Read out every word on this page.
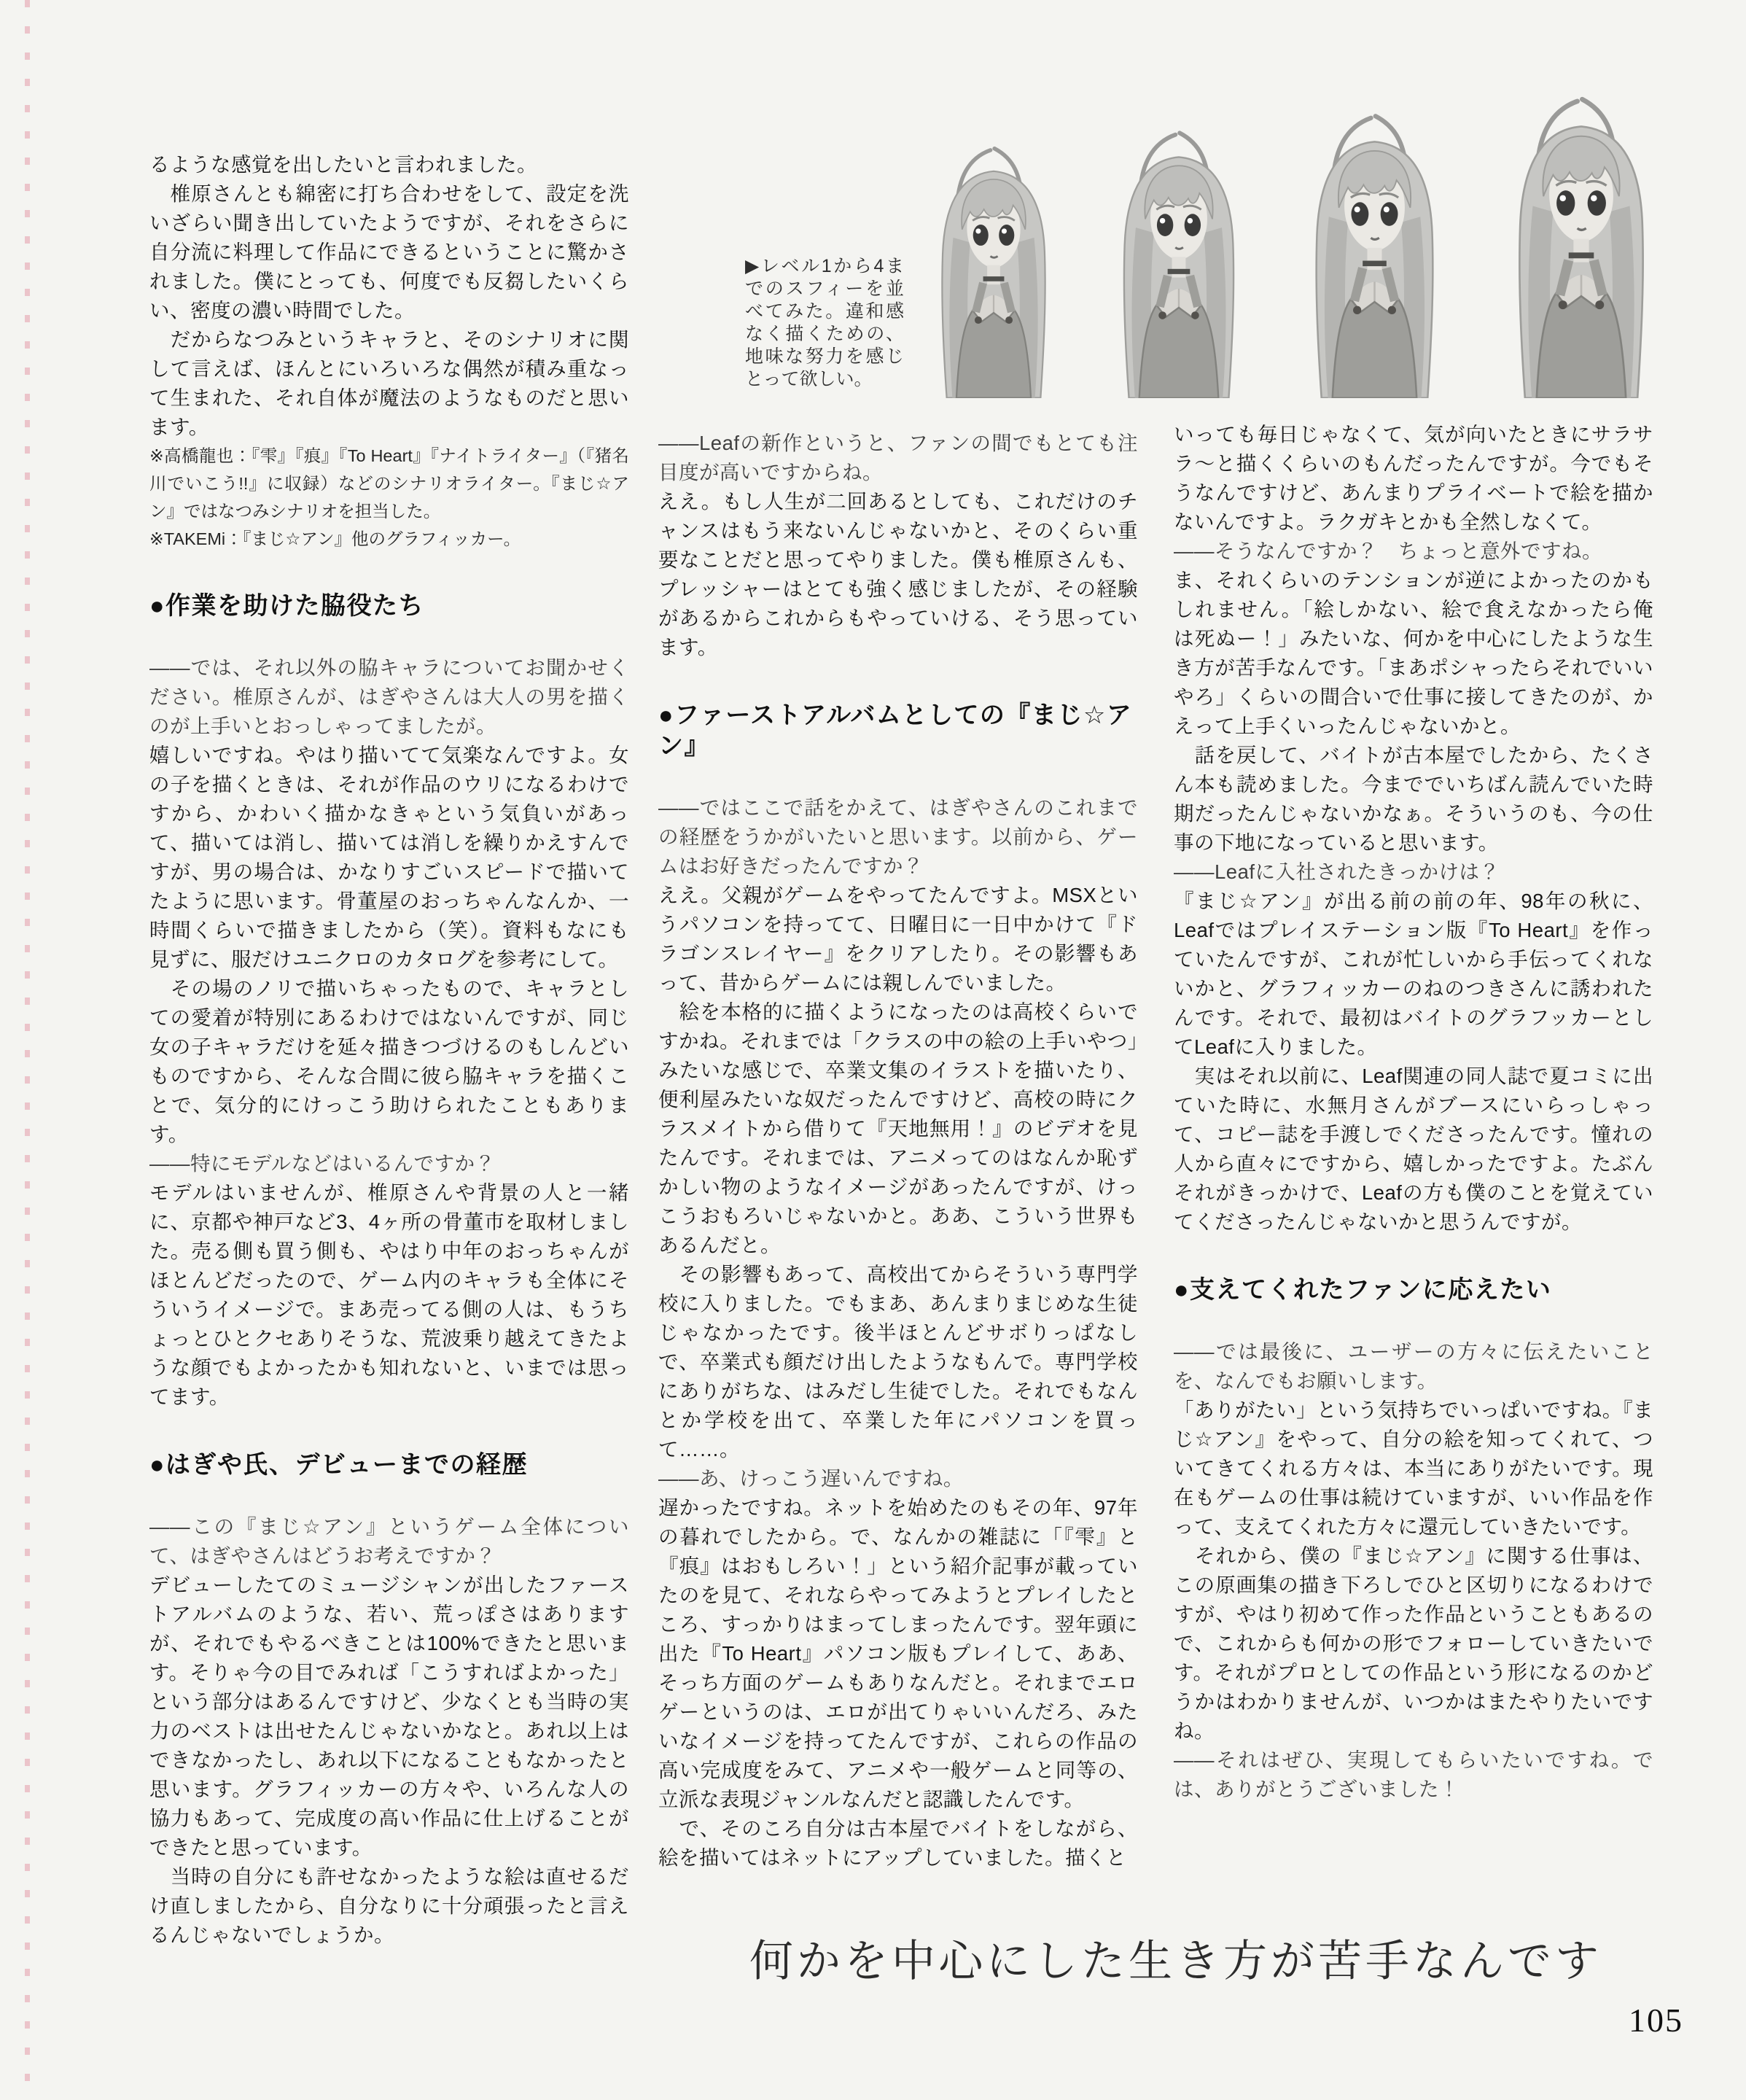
▶レベル1から4までのスフィーを並べてみた。違和感なく描くための、地味な努力を感じとって欲しい。

るような感覚を出したいと言われました。

　椎原さんとも綿密に打ち合わせをして、設定を洗いざらい聞き出していたようですが、それをさらに自分流に料理して作品にできるということに驚かされました。僕にとっても、何度でも反芻したいくらい、密度の濃い時間でした。

　だからなつみというキャラと、そのシナリオに関して言えば、ほんとにいろいろな偶然が積み重なって生まれた、それ自体が魔法のようなものだと思います。

※高橋龍也：『雫』『痕』『To Heart』『ナイトライター』（『猪名川でいこう!!』に収録）などのシナリオライター。『まじ☆アン』ではなつみシナリオを担当した。

※TAKEMi：『まじ☆アン』他のグラフィッカー。

●作業を助けた脇役たち

――では、それ以外の脇キャラについてお聞かせください。椎原さんが、はぎやさんは大人の男を描くのが上手いとおっしゃってましたが。

嬉しいですね。やはり描いてて気楽なんですよ。女の子を描くときは、それが作品のウリになるわけですから、かわいく描かなきゃという気負いがあって、描いては消し、描いては消しを繰りかえすんですが、男の場合は、かなりすごいスピードで描いてたように思います。骨董屋のおっちゃんなんか、一時間くらいで描きましたから（笑）。資料もなにも見ずに、服だけユニクロのカタログを参考にして。

　その場のノリで描いちゃったもので、キャラとしての愛着が特別にあるわけではないんですが、同じ女の子キャラだけを延々描きつづけるのもしんどいものですから、そんな合間に彼ら脇キャラを描くことで、気分的にけっこう助けられたこともあります。

――特にモデルなどはいるんですか？

モデルはいませんが、椎原さんや背景の人と一緒に、京都や神戸など3、4ヶ所の骨董市を取材しました。売る側も買う側も、やはり中年のおっちゃんがほとんどだったので、ゲーム内のキャラも全体にそういうイメージで。まあ売ってる側の人は、もうちょっとひとクセありそうな、荒波乗り越えてきたような顔でもよかったかも知れないと、いまでは思ってます。

●はぎや氏、デビューまでの経歴

――この『まじ☆アン』というゲーム全体について、はぎやさんはどうお考えですか？

デビューしたてのミュージシャンが出したファーストアルバムのような、若い、荒っぽさはありますが、それでもやるべきことは100%できたと思います。そりゃ今の目でみれば「こうすればよかった」という部分はあるんですけど、少なくとも当時の実力のベストは出せたんじゃないかなと。あれ以上はできなかったし、あれ以下になることもなかったと思います。グラフィッカーの方々や、いろんな人の協力もあって、完成度の高い作品に仕上げることができたと思っています。

　当時の自分にも許せなかったような絵は直せるだけ直しましたから、自分なりに十分頑張ったと言えるんじゃないでしょうか。

――Leafの新作というと、ファンの間でもとても注目度が高いですからね。

ええ。もし人生が二回あるとしても、これだけのチャンスはもう来ないんじゃないかと、そのくらい重要なことだと思ってやりました。僕も椎原さんも、プレッシャーはとても強く感じましたが、その経験があるからこれからもやっていける、そう思っています。

●ファーストアルバムとしての『まじ☆アン』

――ではここで話をかえて、はぎやさんのこれまでの経歴をうかがいたいと思います。以前から、ゲームはお好きだったんですか？

ええ。父親がゲームをやってたんですよ。MSXというパソコンを持ってて、日曜日に一日中かけて『ドラゴンスレイヤー』をクリアしたり。その影響もあって、昔からゲームには親しんでいました。

　絵を本格的に描くようになったのは高校くらいですかね。それまでは「クラスの中の絵の上手いやつ」みたいな感じで、卒業文集のイラストを描いたり、便利屋みたいな奴だったんですけど、高校の時にクラスメイトから借りて『天地無用！』のビデオを見たんです。それまでは、アニメってのはなんか恥ずかしい物のようなイメージがあったんですが、けっこうおもろいじゃないかと。ああ、こういう世界もあるんだと。

　その影響もあって、高校出てからそういう専門学校に入りました。でもまあ、あんまりまじめな生徒じゃなかったです。後半ほとんどサボりっぱなしで、卒業式も顔だけ出したようなもんで。専門学校にありがちな、はみだし生徒でした。それでもなんとか学校を出て、卒業した年にパソコンを買って……。

――あ、けっこう遅いんですね。

遅かったですね。ネットを始めたのもその年、97年の暮れでしたから。で、なんかの雑誌に「『雫』と『痕』はおもしろい！」という紹介記事が載っていたのを見て、それならやってみようとプレイしたところ、すっかりはまってしまったんです。翌年頭に出た『To Heart』パソコン版もプレイして、ああ、そっち方面のゲームもありなんだと。それまでエロゲーというのは、エロが出てりゃいいんだろ、みたいなイメージを持ってたんですが、これらの作品の高い完成度をみて、アニメや一般ゲームと同等の、立派な表現ジャンルなんだと認識したんです。

　で、そのころ自分は古本屋でバイトをしながら、絵を描いてはネットにアップしていました。描くと

いっても毎日じゃなくて、気が向いたときにサラサラ～と描くくらいのもんだったんですが。今でもそうなんですけど、あんまりプライベートで絵を描かないんですよ。ラクガキとかも全然しなくて。

――そうなんですか？　ちょっと意外ですね。

ま、それくらいのテンションが逆によかったのかもしれません。「絵しかない、絵で食えなかったら俺は死ぬー！」みたいな、何かを中心にしたような生き方が苦手なんです。「まあポシャったらそれでいいやろ」くらいの間合いで仕事に接してきたのが、かえって上手くいったんじゃないかと。

　話を戻して、バイトが古本屋でしたから、たくさん本も読めました。今まででいちばん読んでいた時期だったんじゃないかなぁ。そういうのも、今の仕事の下地になっていると思います。

――Leafに入社されたきっかけは？

『まじ☆アン』が出る前の前の年、98年の秋に、Leafではプレイステーション版『To Heart』を作っていたんですが、これが忙しいから手伝ってくれないかと、グラフィッカーのねのつきさんに誘われたんです。それで、最初はバイトのグラフッカーとしてLeafに入りました。

　実はそれ以前に、Leaf関連の同人誌で夏コミに出ていた時に、水無月さんがブースにいらっしゃって、コピー誌を手渡しでくださったんです。憧れの人から直々にですから、嬉しかったですよ。たぶんそれがきっかけで、Leafの方も僕のことを覚えていてくださったんじゃないかと思うんですが。

●支えてくれたファンに応えたい

――では最後に、ユーザーの方々に伝えたいことを、なんでもお願いします。

「ありがたい」という気持ちでいっぱいですね。『まじ☆アン』をやって、自分の絵を知ってくれて、ついてきてくれる方々は、本当にありがたいです。現在もゲームの仕事は続けていますが、いい作品を作って、支えてくれた方々に還元していきたいです。

　それから、僕の『まじ☆アン』に関する仕事は、この原画集の描き下ろしでひと区切りになるわけですが、やはり初めて作った作品ということもあるので、これからも何かの形でフォローしていきたいです。それがプロとしての作品という形になるのかどうかはわかりませんが、いつかはまたやりたいですね。

――それはぜひ、実現してもらいたいですね。では、ありがとうございました！

何かを中心にした生き方が苦手なんです
105
